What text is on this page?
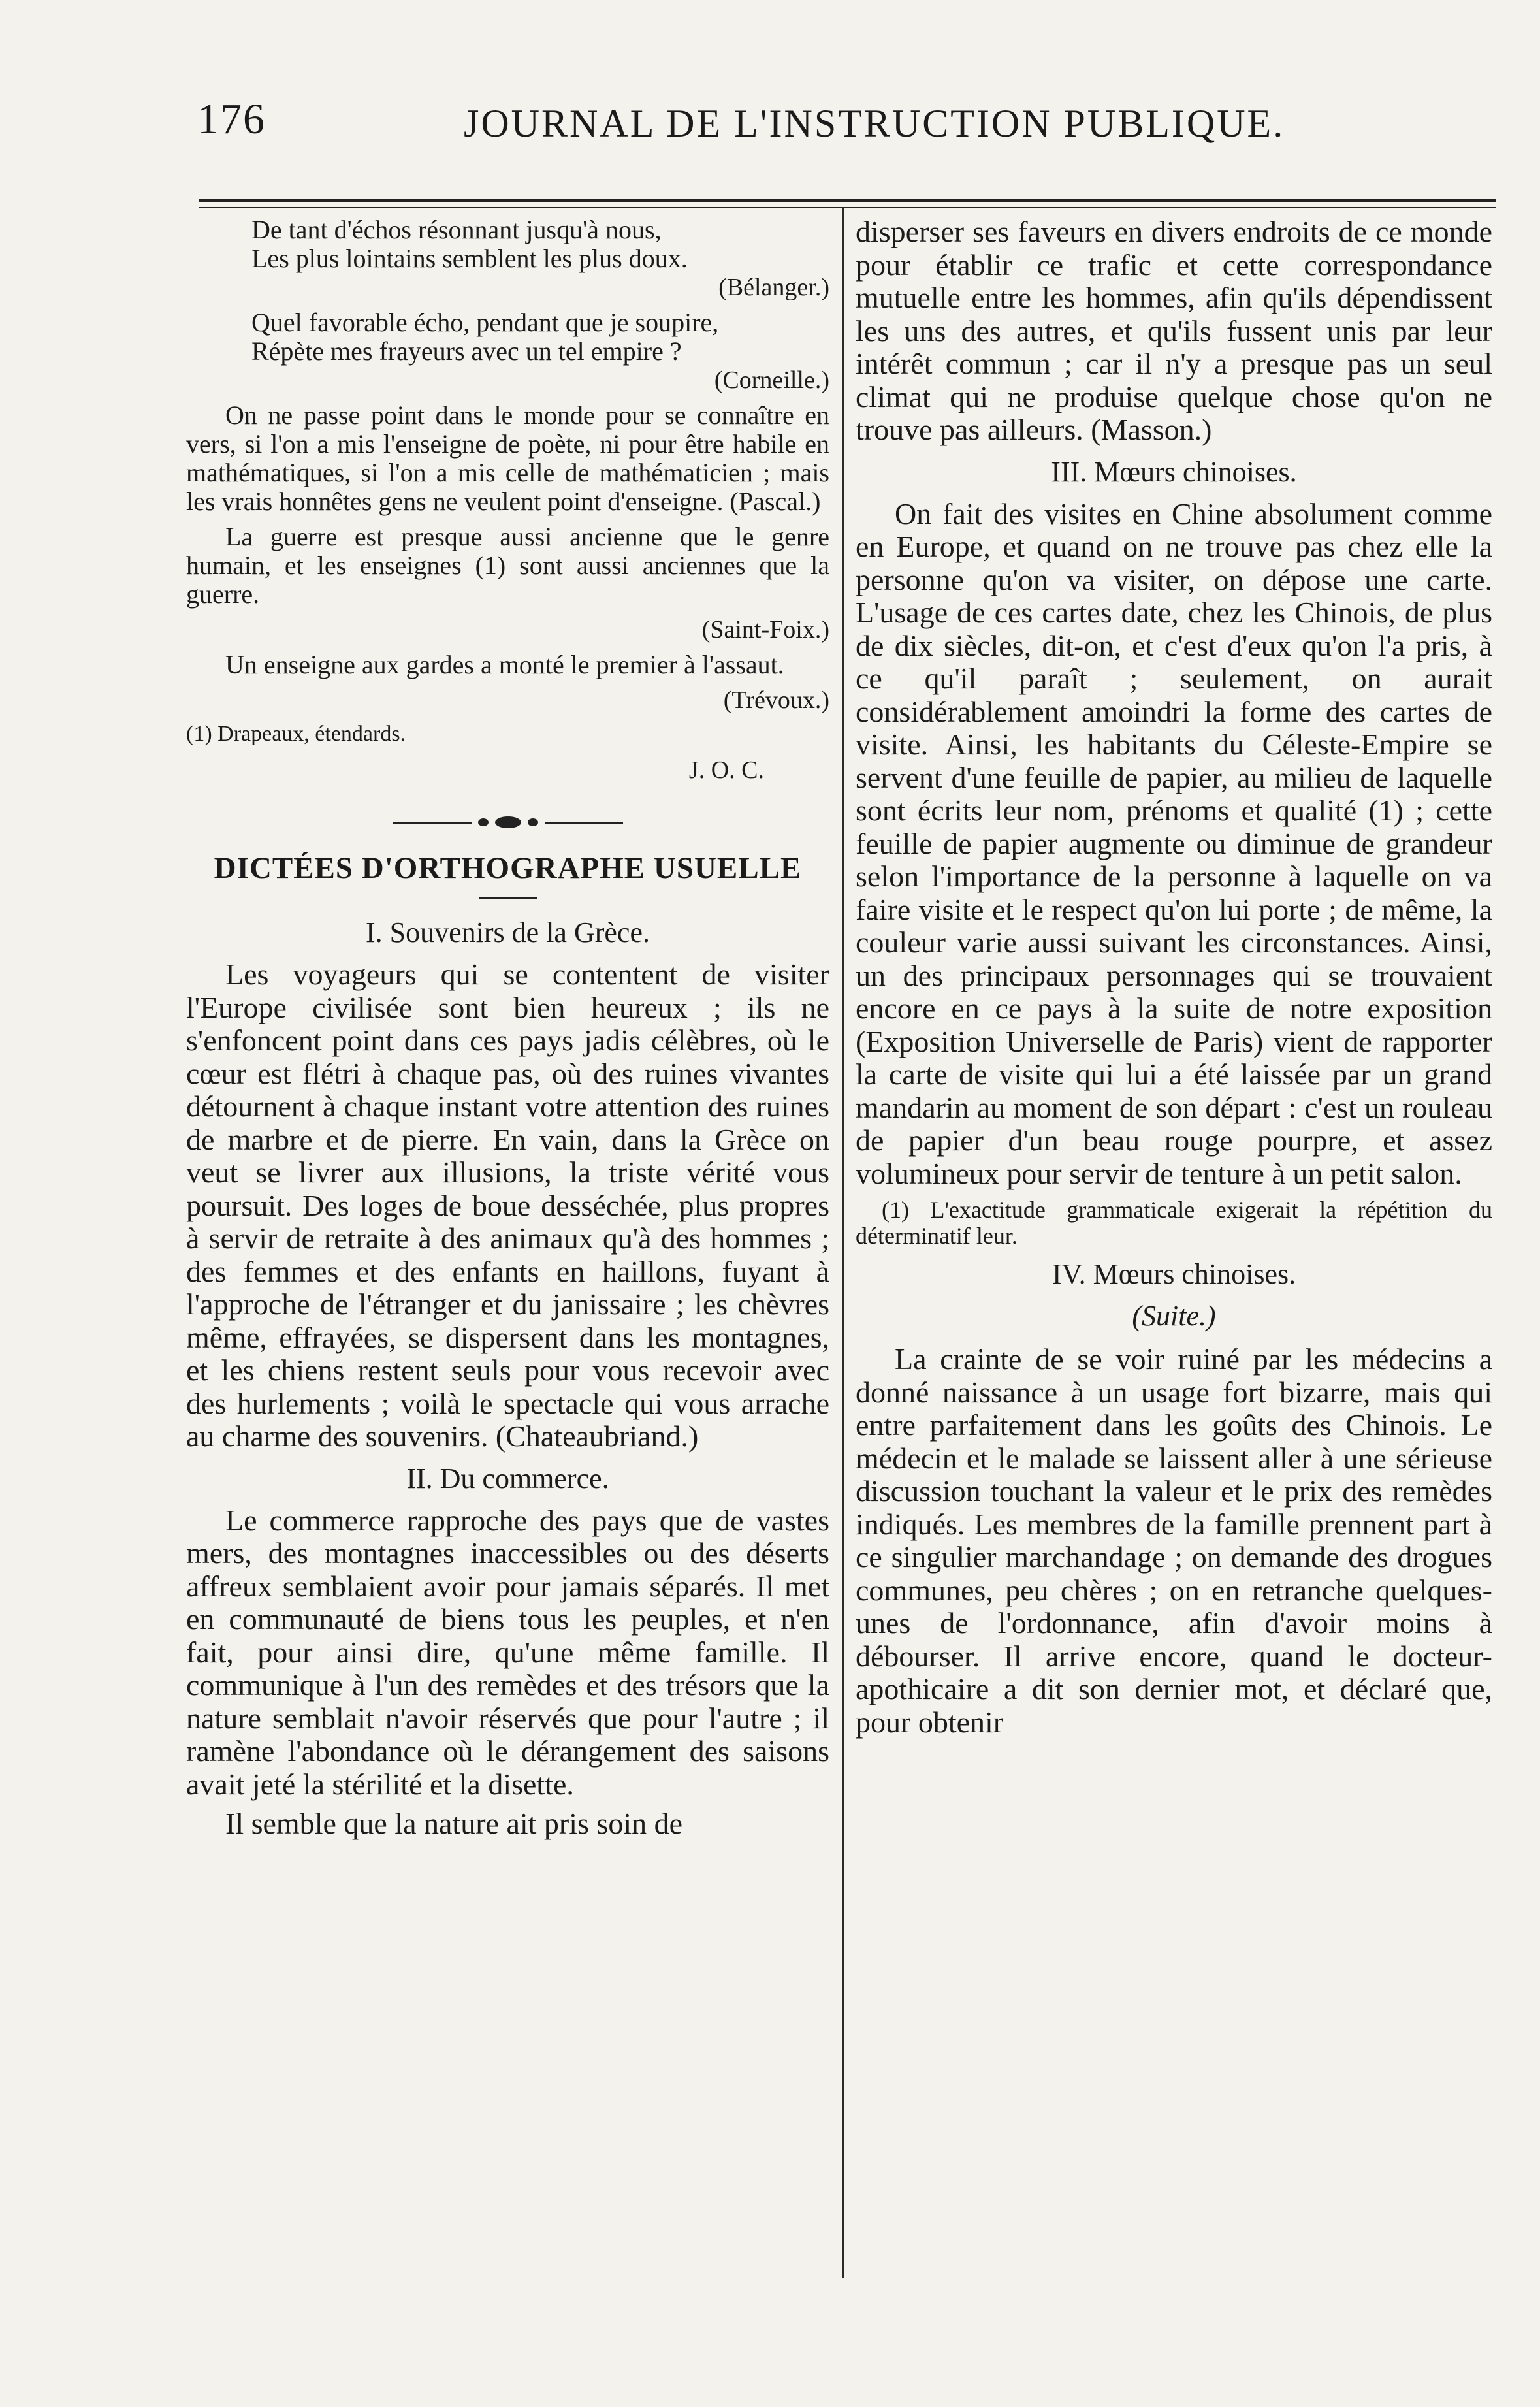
176	JOURNAL DE L'INSTRUCTION PUBLIQUE.
De tant d'échos résonnant jusqu'à nous,
Les plus lointains semblent les plus doux.

(Bélanger.)

Quel favorable écho, pendant que je soupire,
Répète mes frayeurs avec un tel empire ?

(Corneille.)

On ne passe point dans le monde pour se connaître en vers, si l'on a mis l'enseigne de poète, ni pour être habile en mathématiques, si l'on a mis celle de mathématicien ; mais les vrais honnêtes gens ne veulent point d'enseigne. (Pascal.)

La guerre est presque aussi ancienne que le genre humain, et les enseignes (1) sont aussi anciennes que la guerre.

(Saint-Foix.)

Un enseigne aux gardes a monté le premier à l'assaut.

(Trévoux.)

(1) Drapeaux, étendards.

J. O. C.

DICTÉES D'ORTHOGRAPHE USUELLE
I. Souvenirs de la Grèce.

Les voyageurs qui se contentent de visiter l'Europe civilisée sont bien heureux ; ils ne s'enfoncent point dans ces pays jadis célèbres, où le cœur est flétri à chaque pas, où des ruines vivantes détournent à chaque instant votre attention des ruines de marbre et de pierre. En vain, dans la Grèce on veut se livrer aux illusions, la triste vérité vous poursuit. Des loges de boue desséchée, plus propres à servir de retraite à des animaux qu'à des hommes ; des femmes et des enfants en haillons, fuyant à l'approche de l'étranger et du janissaire ; les chèvres même, effrayées, se dispersent dans les montagnes, et les chiens restent seuls pour vous recevoir avec des hurlements ; voilà le spectacle qui vous arrache au charme des souvenirs. (Chateaubriand.)

II. Du commerce.

Le commerce rapproche des pays que de vastes mers, des montagnes inaccessibles ou des déserts affreux semblaient avoir pour jamais séparés. Il met en communauté de biens tous les peuples, et n'en fait, pour ainsi dire, qu'une même famille. Il communique à l'un des remèdes et des trésors que la nature semblait n'avoir réservés que pour l'autre ; il ramène l'abondance où le dérangement des saisons avait jeté la stérilité et la disette.

Il semble que la nature ait pris soin de

disperser ses faveurs en divers endroits de ce monde pour établir ce trafic et cette correspondance mutuelle entre les hommes, afin qu'ils dépendissent les uns des autres, et qu'ils fussent unis par leur intérêt commun ; car il n'y a presque pas un seul climat qui ne produise quelque chose qu'on ne trouve pas ailleurs. (Masson.)

III. Mœurs chinoises.

On fait des visites en Chine absolument comme en Europe, et quand on ne trouve pas chez elle la personne qu'on va visiter, on dépose une carte. L'usage de ces cartes date, chez les Chinois, de plus de dix siècles, dit-on, et c'est d'eux qu'on l'a pris, à ce qu'il paraît ; seulement, on aurait considérablement amoindri la forme des cartes de visite. Ainsi, les habitants du Céleste-Empire se servent d'une feuille de papier, au milieu de laquelle sont écrits leur nom, prénoms et qualité (1) ; cette feuille de papier augmente ou diminue de grandeur selon l'importance de la personne à laquelle on va faire visite et le respect qu'on lui porte ; de même, la couleur varie aussi suivant les circonstances. Ainsi, un des principaux personnages qui se trouvaient encore en ce pays à la suite de notre exposition (Exposition Universelle de Paris) vient de rapporter la carte de visite qui lui a été laissée par un grand mandarin au moment de son départ : c'est un rouleau de papier d'un beau rouge pourpre, et assez volumineux pour servir de tenture à un petit salon.

(1) L'exactitude grammaticale exigerait la répétition du déterminatif leur.

IV. Mœurs chinoises.
(Suite.)

La crainte de se voir ruiné par les médecins a donné naissance à un usage fort bizarre, mais qui entre parfaitement dans les goûts des Chinois. Le médecin et le malade se laissent aller à une sérieuse discussion touchant la valeur et le prix des remèdes indiqués. Les membres de la famille prennent part à ce singulier marchandage ; on demande des drogues communes, peu chères ; on en retranche quelques-unes de l'ordonnance, afin d'avoir moins à débourser. Il arrive encore, quand le docteur-apothicaire a dit son dernier mot, et déclaré que, pour obtenir
